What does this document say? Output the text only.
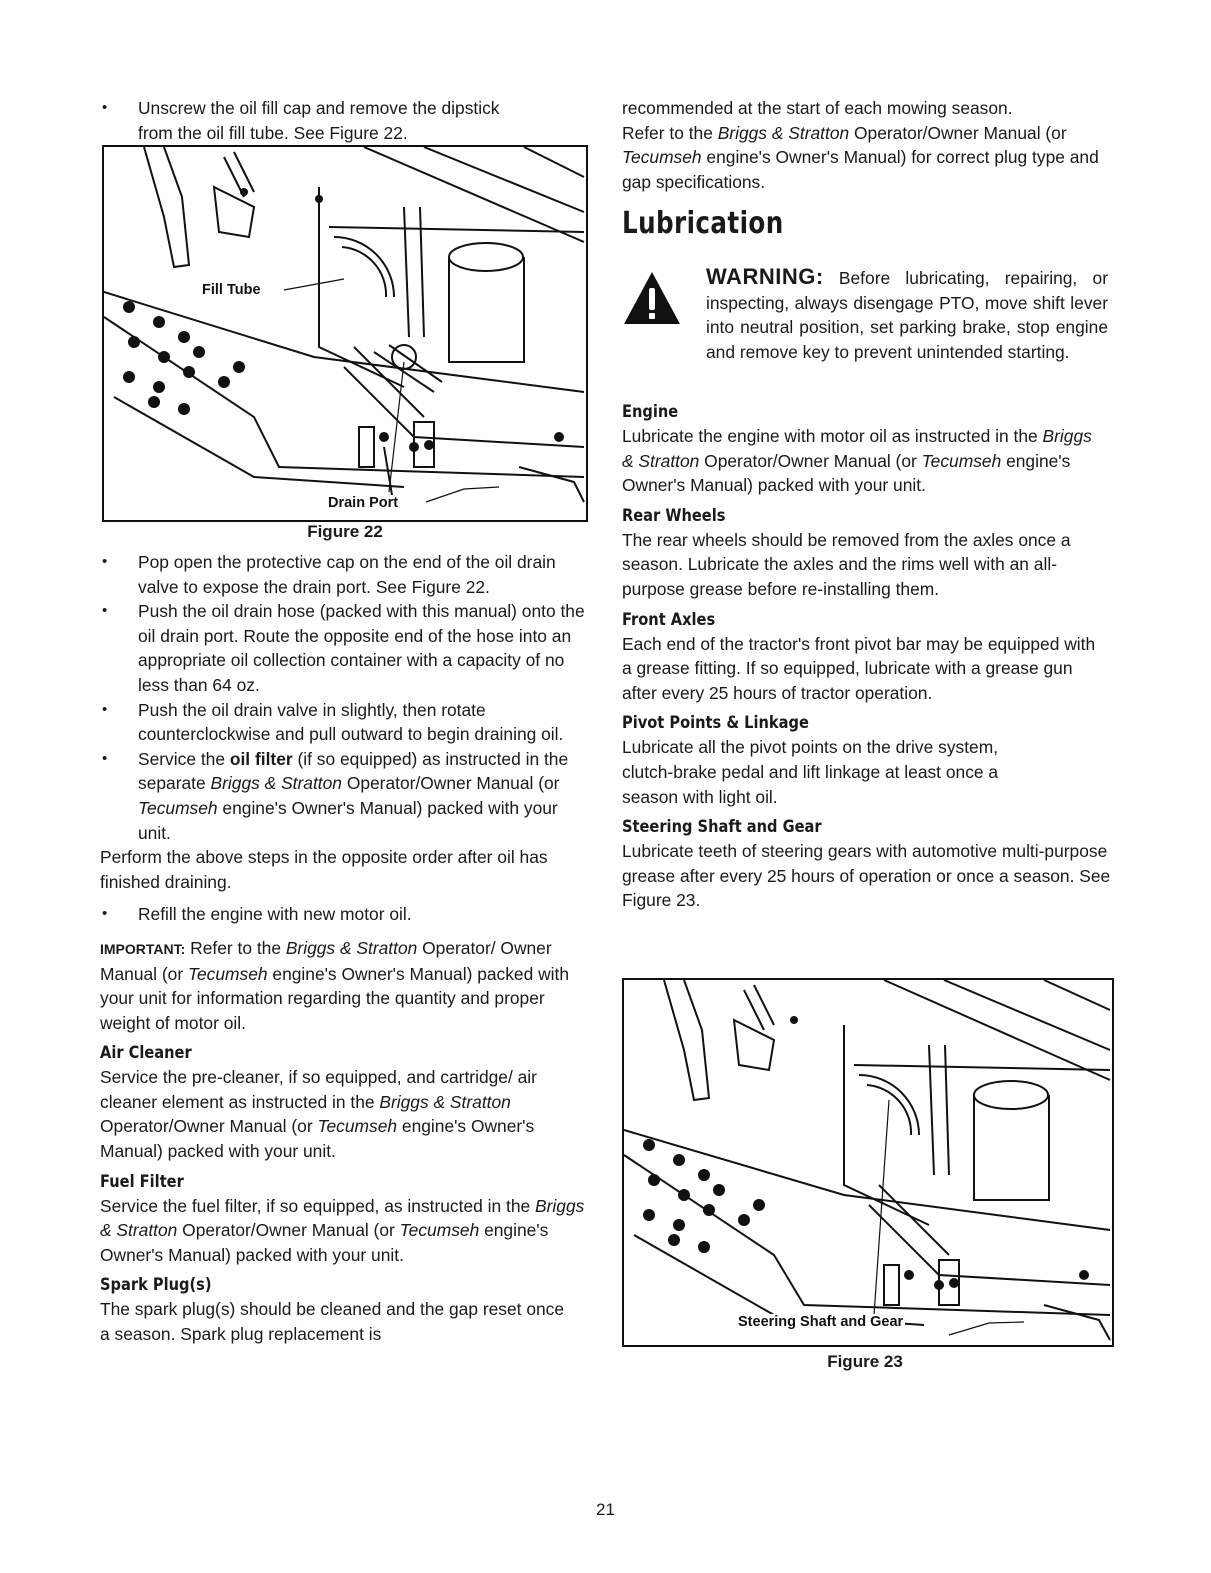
• Unscrew the oil fill cap and remove the dipstick
from the oil fill tube. See Figure 22.
Fill Tube
Drain Port
Figure 22
• Pop open the protective cap on the end of the oil drain valve to expose the drain port. See Figure 22.
• Push the oil drain hose (packed with this manual) onto the oil drain port. Route the opposite end of the hose into an appropriate oil collection container with a capacity of no less than 64 oz.
• Push the oil drain valve in slightly, then rotate counterclockwise and pull outward to begin draining oil.
• Service the oil filter (if so equipped) as instructed in the separate Briggs & Stratton Operator/Owner Manual (or Tecumseh engine's Owner's Manual) packed with your unit.

Perform the above steps in the opposite order after oil has finished draining.

• Refill the engine with new motor oil.

IMPORTANT: Refer to the Briggs & Stratton Operator/ Owner Manual (or Tecumseh engine's Owner's Manual) packed with your unit for information regarding the quantity and proper weight of motor oil.

Air Cleaner

Service the pre-cleaner, if so equipped, and cartridge/ air cleaner element as instructed in the Briggs & Stratton Operator/Owner Manual (or Tecumseh engine's Owner's Manual) packed with your unit.

Fuel Filter

Service the fuel filter, if so equipped, as instructed in the Briggs & Stratton Operator/Owner Manual (or Tecumseh engine's Owner's Manual) packed with your unit.

Spark Plug(s)

The spark plug(s) should be cleaned and the gap reset once a season. Spark plug replacement is

recommended at the start of each mowing season.
Refer to the Briggs & Stratton Operator/Owner Manual (or Tecumseh engine's Owner's Manual) for correct plug type and gap specifications.

Lubrication

WARNING: Before lubricating, repairing, or inspecting, always disengage PTO, move shift lever into neutral position, set parking brake, stop engine and remove key to prevent unintended starting.

Engine

Lubricate the engine with motor oil as instructed in the Briggs & Stratton Operator/Owner Manual (or Tecumseh engine's Owner's Manual) packed with your unit.

Rear Wheels

The rear wheels should be removed from the axles once a season. Lubricate the axles and the rims well with an all-purpose grease before re-installing them.

Front Axles

Each end of the tractor's front pivot bar may be equipped with a grease fitting. If so equipped, lubricate with a grease gun after every 25 hours of tractor operation.

Pivot Points & Linkage

Lubricate all the pivot points on the drive system, clutch-brake pedal and lift linkage at least once a season with light oil.

Steering Shaft and Gear

Lubricate teeth of steering gears with automotive multi-purpose grease after every 25 hours of operation or once a season. See Figure 23.

Steering Shaft and Gear
Figure 23
21
